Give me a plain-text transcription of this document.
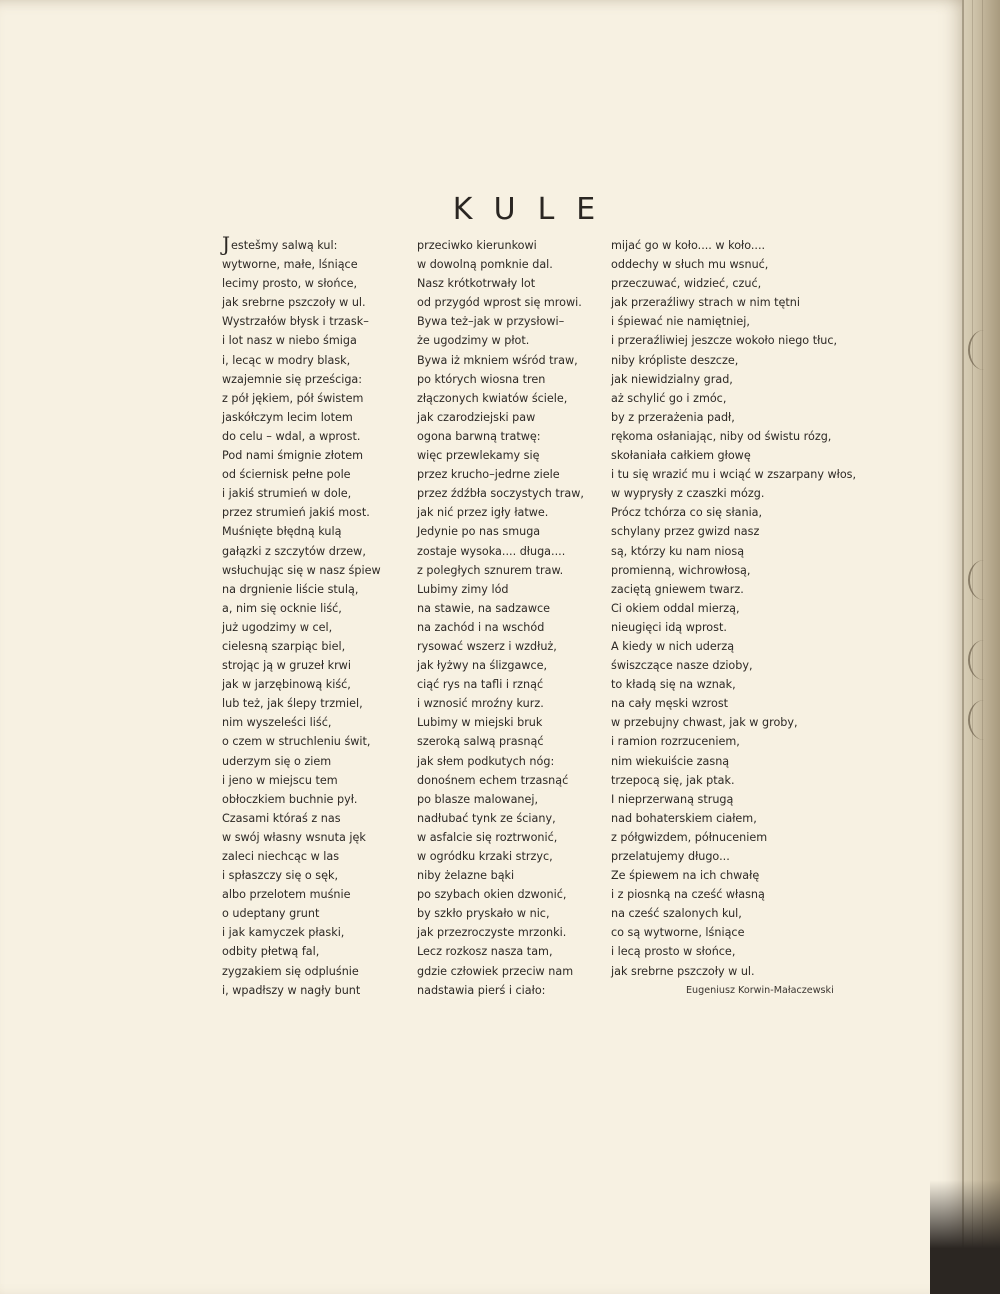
KULE
Jestešmy salwą kul:
wytworne, małe, lśniące
lecimy prosto, w słońce,
jak srebrne pszczoły w ul.
Wystrzałów błysk i trzask–
i lot nasz w niebo śmiga
i, lecąc w modry blask,
wzajemnie się prześciga:
z pół jękiem, pół świstem
jaskółczym lecim lotem
do celu – wdal, a wprost.
Pod nami śmignie złotem
od ściernisk pełne pole
i jakiś strumień w dole,
przez strumień jakiś most.
Muśnięte błędną kulą
gałązki z szczytów drzew,
wsłuchując się w nasz śpiew
na drgnienie liście stulą,
a, nim się ocknie liść,
już ugodzimy w cel,
cielesną szarpiąc biel,
strojąc ją w gruzeł krwi
jak w jarzębinową kiść,
lub też, jak ślepy trzmiel,
nim wyszeleści liść,
o czem w struchleniu świt,
uderzym się o ziem
i jeno w miejscu tem
obłoczkiem buchnie pył.
Czasami któraś z nas
w swój własny wsnuta jęk
zaleci niechcąc w las
i spłaszczy się o sęk,
albo przelotem muśnie
o udeptany grunt
i jak kamyczek płaski,
odbity płetwą fal,
zygzakiem się odpluśnie
i, wpadłszy w nagły bunt
przeciwko kierunkowi
w dowolną pomknie dal.
Nasz krótkotrwały lot
od przygód wprost się mrowi.
Bywa też–jak w przysłowi–
że ugodzimy w płot.
Bywa iż mkniem wśród traw,
po których wiosna tren
złączonych kwiatów ściele,
jak czarodziejski paw
ogona barwną tratwę:
więc przewlekamy się
przez krucho–jedrne ziele
przez źdźbła soczystych traw,
jak nić przez igły łatwe.
Jedynie po nas smuga
zostaje wysoka.... długa....
z poległych sznurem traw.
Lubimy zimy lód
na stawie, na sadzawce
na zachód i na wschód
rysować wszerz i wzdłuż,
jak łyżwy na ślizgawce,
ciąć rys na tafli i rznąć
i wznosić mroźny kurz.
Lubimy w miejski bruk
szeroką salwą prasnąć
jak słem podkutych nóg:
donośnem echem trzasnąć
po blasze malowanej,
nadłubać tynk ze ściany,
w asfalcie się roztrwonić,
w ogródku krzaki strzyc,
niby żelazne bąki
po szybach okien dzwonić,
by szkło pryskało w nic,
jak przezroczyste mrzonki.
Lecz rozkosz nasza tam,
gdzie człowiek przeciw nam
nadstawia pierś i ciało:
mijać go w koło.... w koło....
oddechy w słuch mu wsnuć,
przeczuwać, widzieć, czuć,
jak przeraźliwy strach w nim tętni
i śpiewać nie namiętniej,
i przeraźliwiej jeszcze wokoło niego tłuc,
niby krópliste deszcze,
jak niewidzialny grad,
aż schylić go i zmóc,
by z przerażenia padł,
rękoma osłaniając, niby od świstu rózg,
skołaniała całkiem głowę
i tu się wrazić mu i wciąć w zszarpany włos,
w wyprysły z czaszki mózg.
Prócz tchórza co się słania,
schylany przez gwizd nasz
są, którzy ku nam niosą
promienną, wichrowłosą,
zaciętą gniewem twarz.
Ci okiem oddal mierzą,
nieugięci idą wprost.
A kiedy w nich uderzą
świszczące nasze dzioby,
to kładą się na wznak,
na cały męski wzrost
w przebujny chwast, jak w groby,
i ramion rozrzuceniem,
nim wiekuiście zasną
trzepocą się, jak ptak.
I nieprzerwaną strugą
nad bohaterskiem ciałem,
z półgwizdem, półnuceniem
przelatujemy długo...
Ze śpiewem na ich chwałę
i z piosnką na cześć własną
na cześć szalonych kul,
co są wytworne, lśniące
i lecą prosto w słońce,
jak srebrne pszczoły w ul.
Eugeniusz Korwin-Małaczewski
